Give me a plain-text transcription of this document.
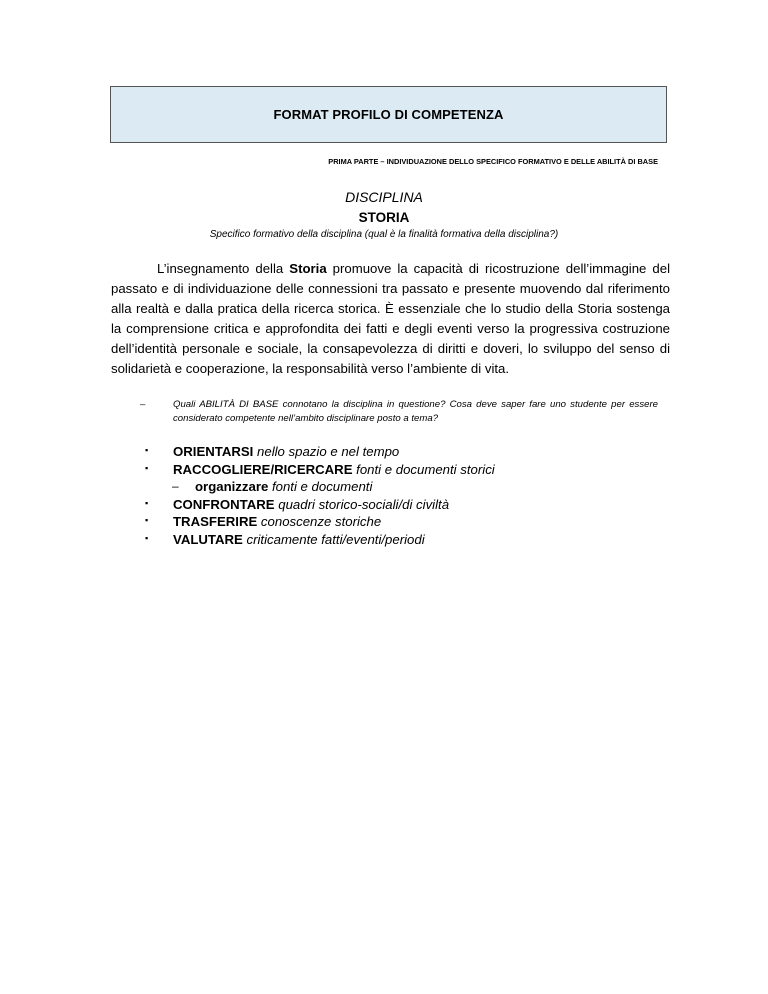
FORMAT PROFILO DI COMPETENZA
PRIMA PARTE – INDIVIDUAZIONE DELLO SPECIFICO FORMATIVO E DELLE ABILITÀ DI BASE
DISCIPLINA
STORIA
Specifico formativo della disciplina (qual è la finalità formativa della disciplina?)

L’insegnamento della Storia promuove la capacità di ricostruzione dell’immagine del passato e di individuazione delle connessioni tra passato e presente muovendo dal riferimento alla realtà e dalla pratica della ricerca storica. È essenziale che lo studio della Storia sostenga la comprensione critica e approfondita dei fatti e degli eventi verso la progressiva costruzione dell’identità personale e sociale, la consapevolezza di diritti e doveri, lo sviluppo del senso di solidarietà e cooperazione, la responsabilità verso l’ambiente di vita.

–	Quali ABILITÀ DI BASE connotano la disciplina in questione? Cosa deve saper fare uno studente per essere considerato competente nell’ambito disciplinare posto a tema?
▪ ORIENTARSI nello spazio e nel tempo
▪ RACCOGLIERE/RICERCARE fonti e documenti storici
– organizzare fonti e documenti
▪ CONFRONTARE quadri storico-sociali/di civiltà
▪ TRASFERIRE conoscenze storiche
▪ VALUTARE criticamente fatti/eventi/periodi
